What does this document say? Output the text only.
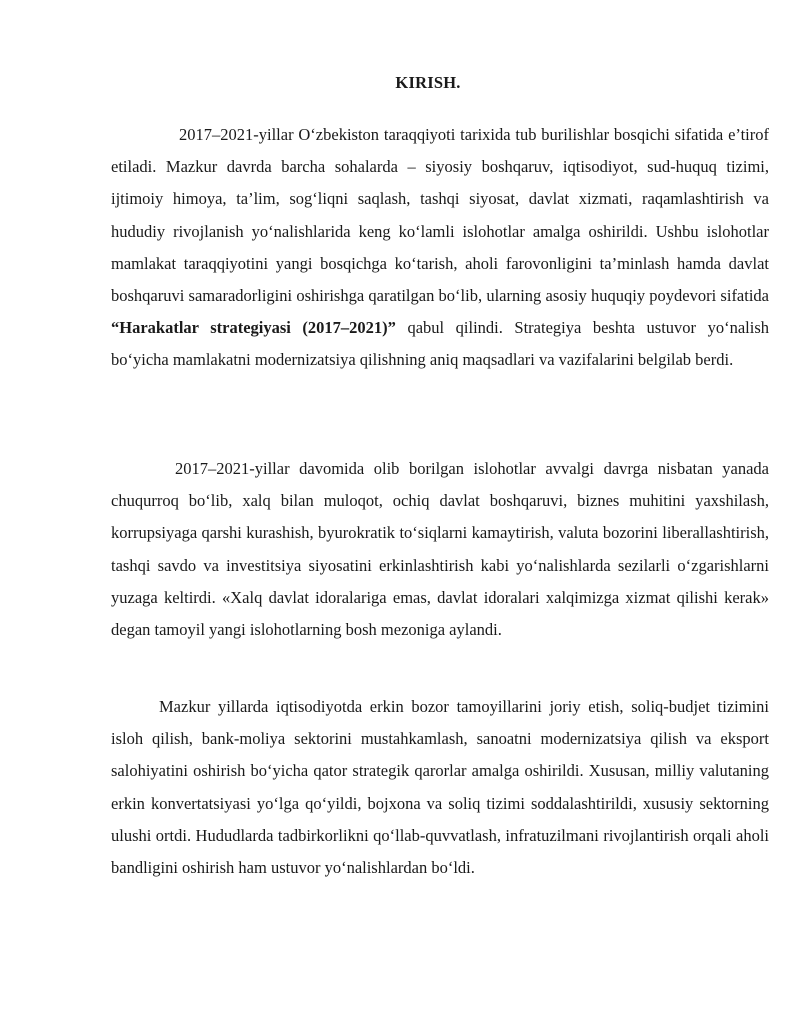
KIRISH.

2017–2021-yillar O‘zbekiston taraqqiyoti tarixida tub burilishlar bosqichi sifatida e’tirof etiladi. Mazkur davrda barcha sohalarda – siyosiy boshqaruv, iqtisodiyot, sud-huquq tizimi, ijtimoiy himoya, ta’lim, sog‘liqni saqlash, tashqi siyosat, davlat xizmati, raqamlashtirish va hududiy rivojlanish yo‘nalishlarida keng ko‘lamli islohotlar amalga oshirildi. Ushbu islohotlar mamlakat taraqqiyotini yangi bosqichga ko‘tarish, aholi farovonligini ta’minlash hamda davlat boshqaruvi samaradorligini oshirishga qaratilgan bo‘lib, ularning asosiy huquqiy poydevori sifatida “Harakatlar strategiyasi (2017–2021)” qabul qilindi. Strategiya beshta ustuvor yo‘nalish bo‘yicha mamlakatni modernizatsiya qilishning aniq maqsadlari va vazifalarini belgilab berdi.

2017–2021-yillar davomida olib borilgan islohotlar avvalgi davrga nisbatan yanada chuqurroq bo‘lib, xalq bilan muloqot, ochiq davlat boshqaruvi, biznes muhitini yaxshilash, korrupsiyaga qarshi kurashish, byurokratik to‘siqlarni kamaytirish, valuta bozorini liberallashtirish, tashqi savdo va investitsiya siyosatini erkinlashtirish kabi yo‘nalishlarda sezilarli o‘zgarishlarni yuzaga keltirdi. «Xalq davlat idoralariga emas, davlat idoralari xalqimizga xizmat qilishi kerak» degan tamoyil yangi islohotlarning bosh mezoniga aylandi.

Mazkur yillarda iqtisodiyotda erkin bozor tamoyillarini joriy etish, soliq-budjet tizimini isloh qilish, bank-moliya sektorini mustahkamlash, sanoatni modernizatsiya qilish va eksport salohiyatini oshirish bo‘yicha qator strategik qarorlar amalga oshirildi. Xususan, milliy valutaning erkin konvertatsiyasi yo‘lga qo‘yildi, bojxona va soliq tizimi soddalashtirildi, xususiy sektorning ulushi ortdi. Hududlarda tadbirkorlikni qo‘llab-quvvatlash, infratuzilmani rivojlantirish orqali aholi bandligini oshirish ham ustuvor yo‘nalishlardan bo‘ldi.
